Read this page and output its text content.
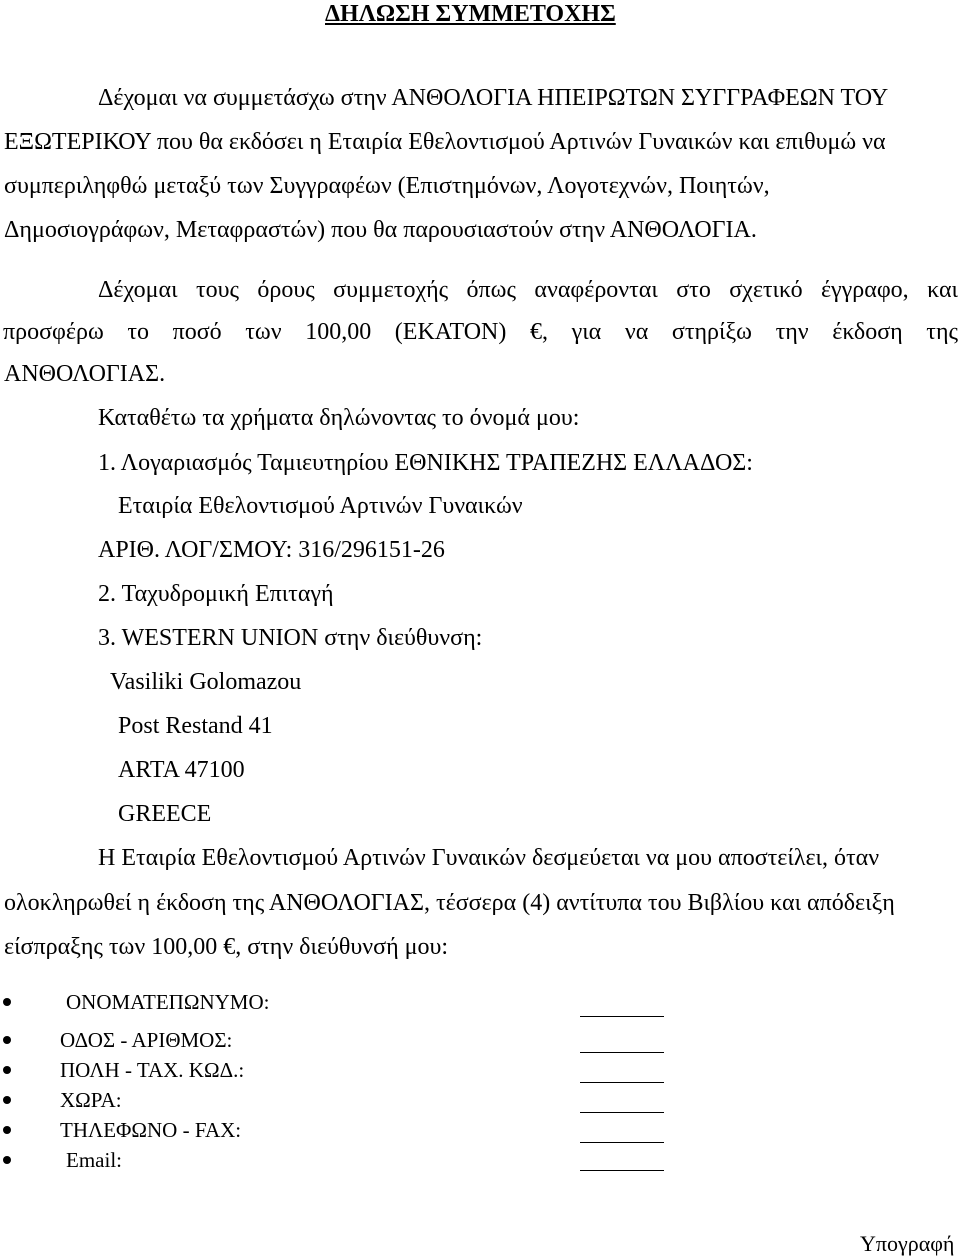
ΔΗΛΩΣΗ ΣΥΜΜΕΤΟΧΗΣ
Δέχομαι να συμμετάσχω στην ΑΝΘΟΛΟΓΙΑ ΗΠΕΙΡΩΤΩΝ ΣΥΓΓΡΑΦΕΩΝ ΤΟΥ
ΕΞΩΤΕΡΙΚΟΥ που θα εκδόσει η Εταιρία Εθελοντισμού Αρτινών Γυναικών και επιθυμώ να
συμπεριληφθώ μεταξύ των Συγγραφέων (Επιστημόνων, Λογοτεχνών, Ποιητών,
Δημοσιογράφων, Μεταφραστών) που θα παρουσιαστούν στην ΑΝΘΟΛΟΓΙΑ.
Δέχομαι τους όρους συμμετοχής όπως αναφέρονται στο σχετικό έγγραφο, και
προσφέρω το ποσό των 100,00 (ΕΚΑΤΟΝ) €, για να στηρίξω την έκδοση της
ΑΝΘΟΛΟΓΙΑΣ.
Καταθέτω τα χρήματα δηλώνοντας το όνομά μου:
1. Λογαριασμός Ταμιευτηρίου ΕΘΝΙΚΗΣ ΤΡΑΠΕΖΗΣ ΕΛΛΑΔΟΣ:
Εταιρία Εθελοντισμού Αρτινών Γυναικών
ΑΡΙΘ. ΛΟΓ/ΣΜΟΥ: 316/296151-26
2. Ταχυδρομική Επιταγή
3. WESTERN UNION στην διεύθυνση:
Vasiliki Golomazou
Post Restand 41
ARTA 47100
GREECE
Η Εταιρία Εθελοντισμού Αρτινών Γυναικών δεσμεύεται να μου αποστείλει, όταν
ολοκληρωθεί η έκδοση της ΑΝΘΟΛΟΓΙΑΣ, τέσσερα (4) αντίτυπα του Βιβλίου και απόδειξη
είσπραξης των 100,00 €, στην διεύθυνσή μου:
ΟΝΟΜΑΤΕΠΩΝΥΜΟ:
ΟΔΟΣ - ΑΡΙΘΜΟΣ:
ΠΟΛΗ - ΤΑΧ. ΚΩΔ.:
ΧΩΡΑ:
ΤΗΛΕΦΩΝΟ - FAX:
Email:
Υπογραφή
